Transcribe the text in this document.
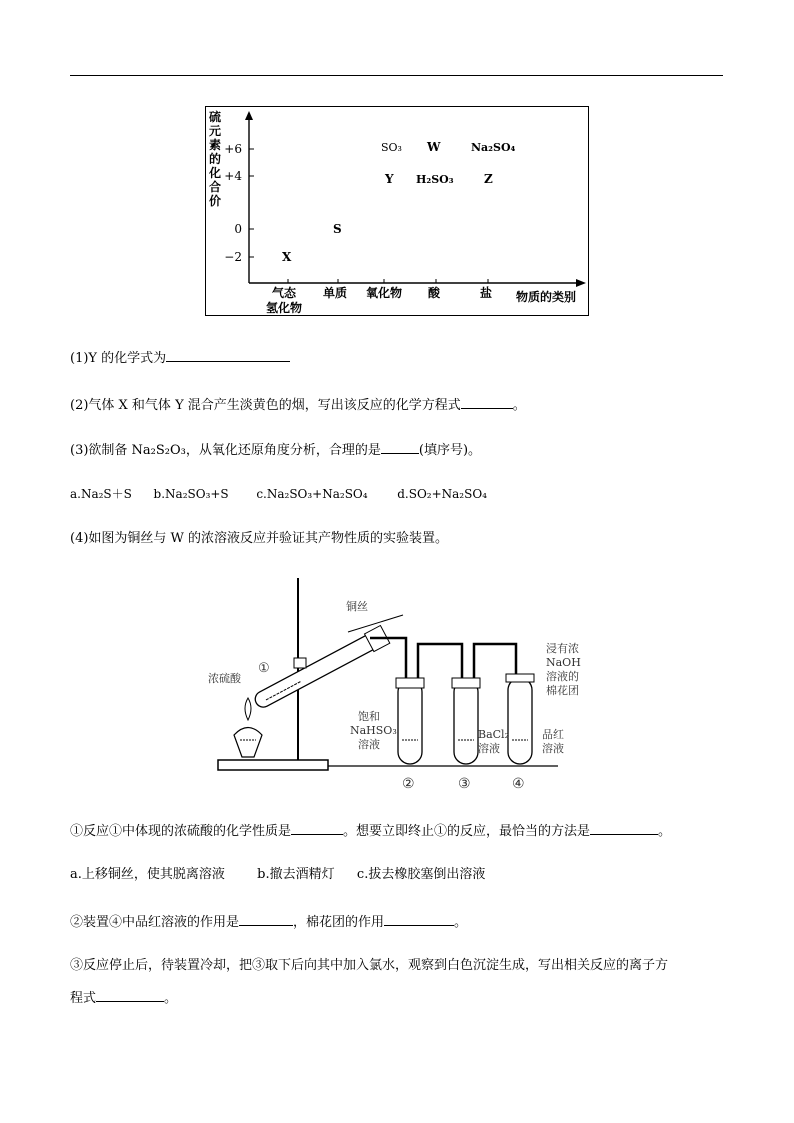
硫
元
素
的
化
合
价
+6
+4
0
−2
SO₃ W	Na₂SO₄
Y H₂SO₃	Z
S
X
气态
氢化物
单质 氧化物 酸	盐 物质的类别
(1)Y 的化学式为
(2)气体 X 和气体 Y 混合产生淡黄色的烟，写出该反应的化学方程式	。
(3)欲制备 Na₂S₂O₃，从氧化还原角度分析，合理的是	(填序号)。
a.Na₂S＋S b.Na₂SO₃+S c.Na₂SO₃+Na₂SO₄ d.SO₂+Na₂SO₄
(4)如图为铜丝与 W 的浓溶液反应并验证其产物性质的实验装置。
铜丝
浓硫酸
①
饱和
NaHSO₃
溶液
BaCl₂
溶液
品红
溶液
浸有浓
NaOH
溶液的
棉花团
②	③	④
①反应①中体现的浓硫酸的化学性质是	。想要立即终止①的反应，最恰当的方法是	。
a.上移铜丝，使其脱离溶液 b.撤去酒精灯 c.拔去橡胶塞倒出溶液
②装置④中品红溶液的作用是	，棉花团的作用	。
③反应停止后，待装置冷却，把③取下后向其中加入氯水，观察到白色沉淀生成，写出相关反应的离子方
程式	。
